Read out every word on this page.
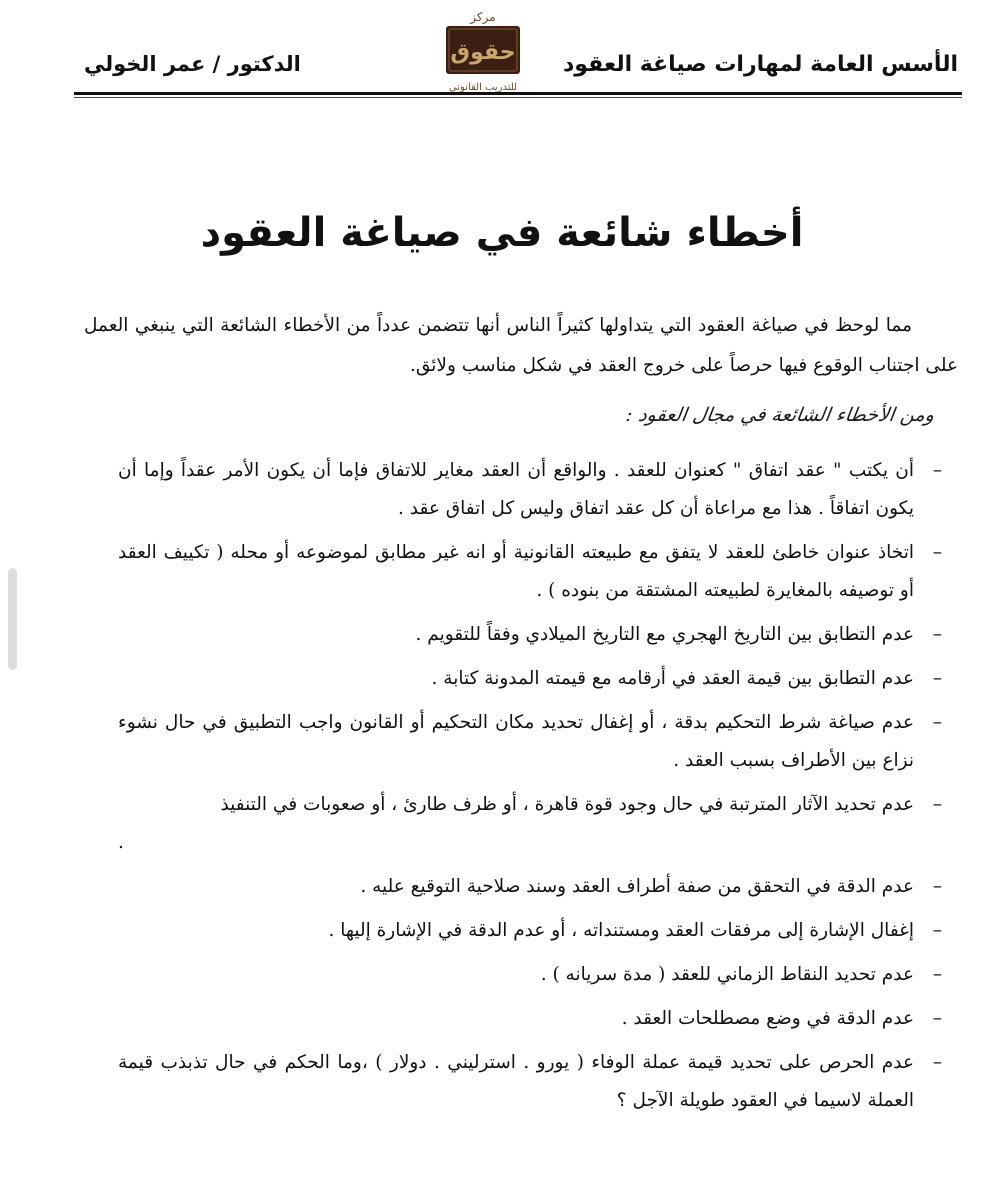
الأسس العامة لمهارات صياغة العقود
مركز
حقوق
للتدريب القانوني
الدكتور / عمر الخولي
أخطاء شائعة في صياغة العقود
مما لوحظ في صياغة العقود التي يتداولها كثيراً الناس أنها تتضمن عدداً من الأخطاء الشائعة التي ينبغي العمل على اجتناب الوقوع فيها حرصاً على خروج العقد في شكل مناسب ولائق.
ومن الأخطاء الشائعة في مجال العقود :
–
أن يكتب " عقد اتفاق " كعنوان للعقد . والواقع أن العقد مغاير للاتفاق فإما أن يكون الأمر عقداً وإما أن يكون اتفاقاً . هذا مع مراعاة أن كل عقد اتفاق وليس كل اتفاق عقد .
–
اتخاذ عنوان خاطئ للعقد لا يتفق مع طبيعته القانونية أو انه غير مطابق لموضوعه أو محله ( تكييف العقد أو توصيفه بالمغايرة لطبيعته المشتقة من بنوده ) .
–
عدم التطابق بين التاريخ الهجري مع التاريخ الميلادي وفقاً للتقويم .
–
عدم التطابق بين قيمة العقد في أرقامه مع قيمته المدونة كتابة .
–
عدم صياغة شرط التحكيم بدقة ، أو إغفال تحديد مكان التحكيم أو القانون واجب التطبيق في حال نشوء نزاع بين الأطراف بسبب العقد .
–
عدم تحديد الآثار المترتبة في حال وجود قوة قاهرة ، أو ظرف طارئ ، أو صعوبات في التنفيذ
.

–
عدم الدقة في التحقق من صفة أطراف العقد وسند صلاحية التوقيع عليه .
–
إغفال الإشارة إلى مرفقات العقد ومستنداته ، أو عدم الدقة في الإشارة إليها .
–
عدم تحديد النقاط الزماني للعقد ( مدة سريانه ) .
–
عدم الدقة في وضع مصطلحات العقد .
–
عدم الحرص على تحديد قيمة عملة الوفاء ( يورو . استرليني . دولار ) ،وما الحكم في حال تذبذب قيمة العملة لاسيما في العقود طويلة الآجل ؟
